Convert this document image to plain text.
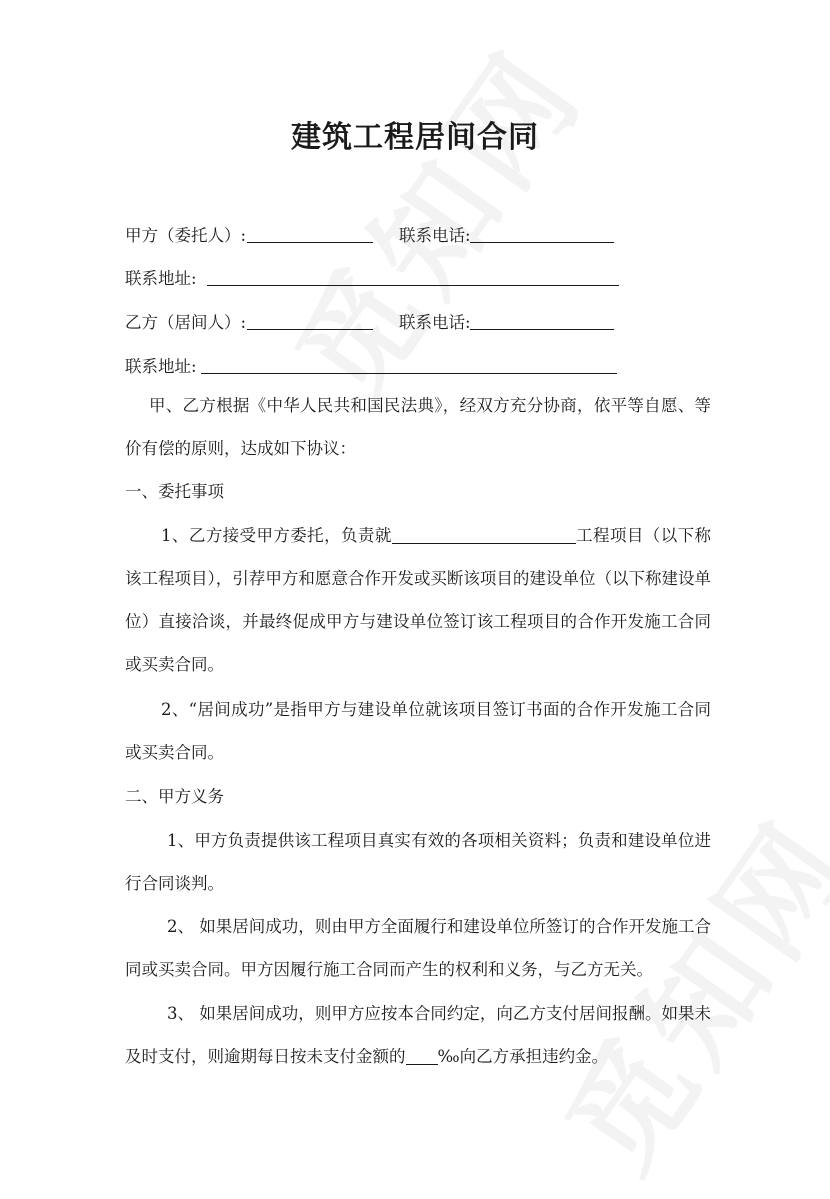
建筑工程居间合同
甲方（委托人）:	联系电话:
联系地址:
乙方（居间人）:	联系电话:
联系地址:
甲、乙方根据《中华人民共和国民法典》，经双方充分协商，依平等自愿、等价有偿的原则，达成如下协议：
一、委托事项
1、乙方接受甲方委托，负责就	工程项目（以下称该工程项目），引荐甲方和愿意合作开发或买断该项目的建设单位（以下称建设单位）直接洽谈，并最终促成甲方与建设单位签订该工程项目的合作开发施工合同或买卖合同。
2、“居间成功”是指甲方与建设单位就该项目签订书面的合作开发施工合同或买卖合同。
二、甲方义务
1、甲方负责提供该工程项目真实有效的各项相关资料；负责和建设单位进行合同谈判。
2、 如果居间成功，则由甲方全面履行和建设单位所签订的合作开发施工合同或买卖合同。甲方因履行施工合同而产生的权利和义务，与乙方无关。
3、 如果居间成功，则甲方应按本合同约定，向乙方支付居间报酬。如果未及时支付，则逾期每日按未支付金额的 ‰向乙方承担违约金。
